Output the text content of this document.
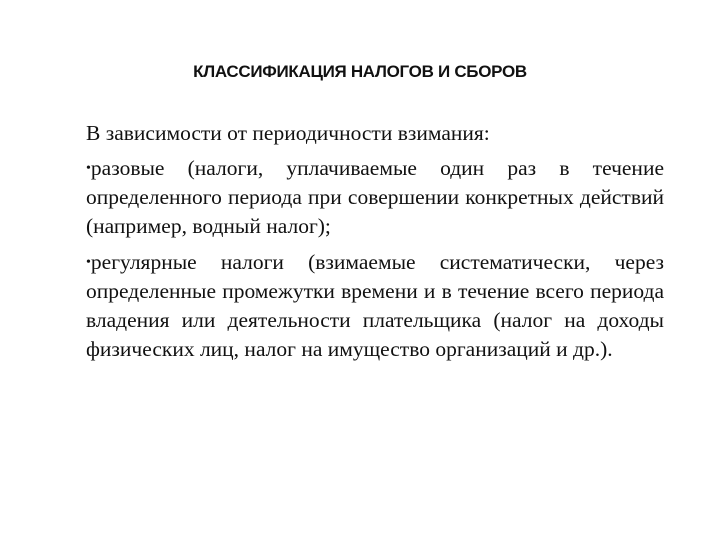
КЛАССИФИКАЦИЯ НАЛОГОВ И СБОРОВ

В зависимости от периодичности взимания:

•разовые (налоги, уплачиваемые один раз в течение определенного периода при совершении конкретных действий (например, водный налог);

•регулярные налоги (взимаемые систематически, через определенные промежутки времени и в течение всего периода владения или деятельности плательщика (налог на доходы физических лиц, налог на имущество организаций и др.).
